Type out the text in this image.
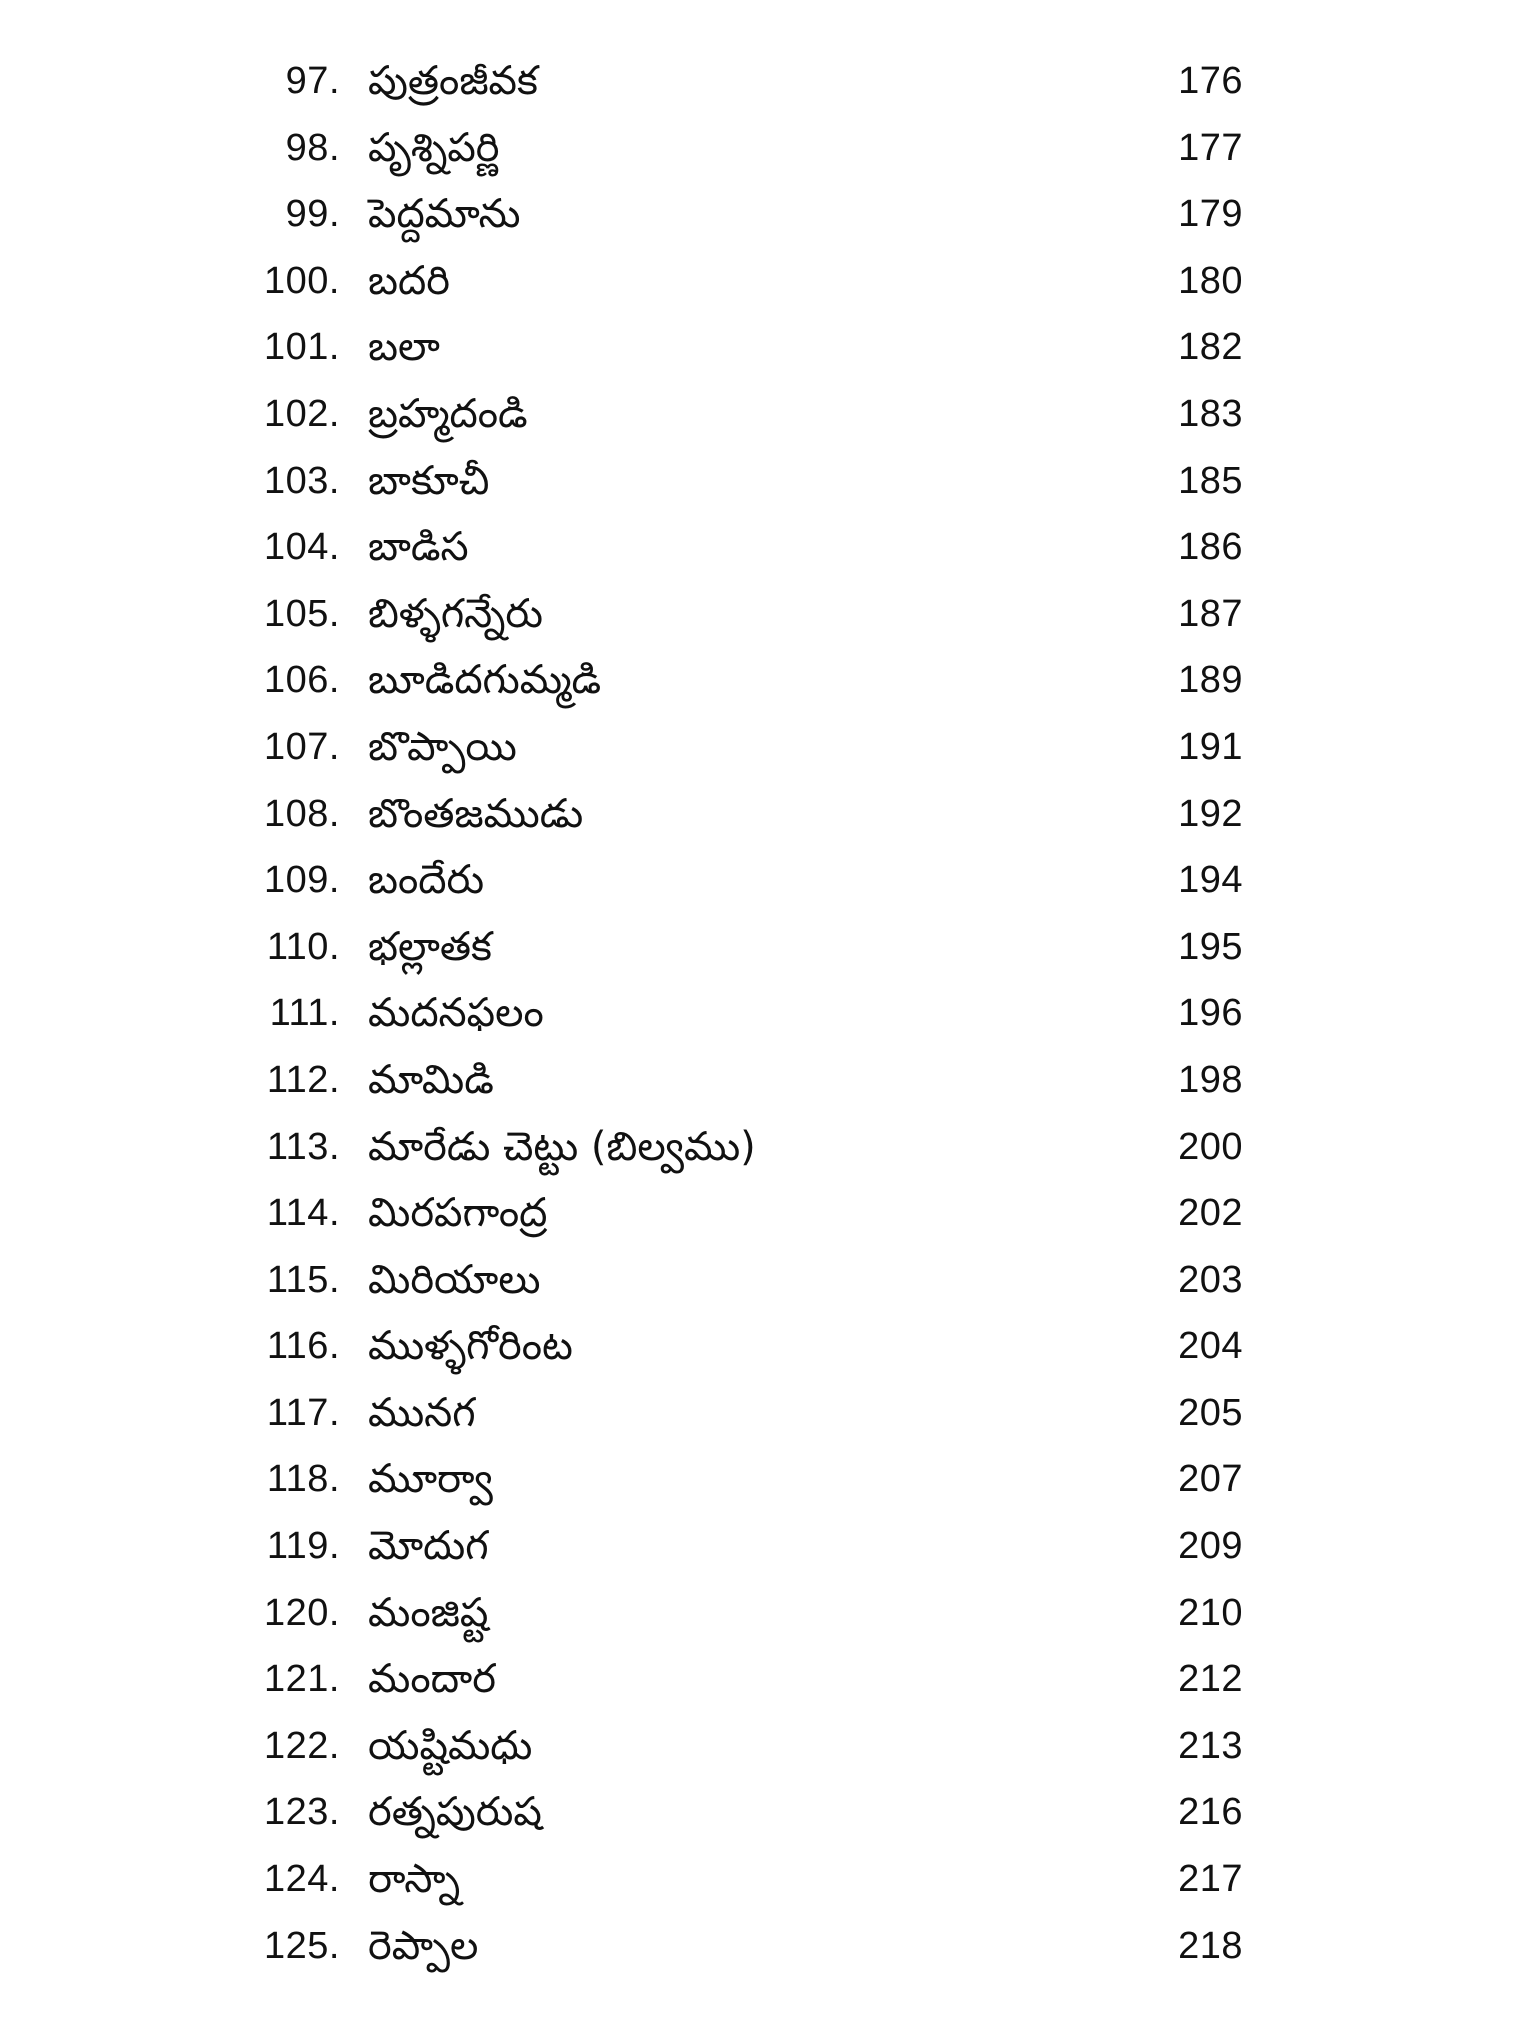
97. పుత్రంజీవక	176
98. పృశ్నిపర్ణి	177
99. పెద్దమాను	179
100. బదరి	180
101. బలా	182
102. బ్రహ్మదండి	183
103. బాకూచీ	185
104. బాడిస	186
105. బిళ్ళగన్నేరు	187
106. బూడిదగుమ్మడి	189
107. బొప్పాయి	191
108. బొంతజముడు	192
109. బందేరు	194
110. భల్లాతక	195
111. మదనఫలం	196
112. మామిడి	198
113. మారేడు చెట్టు (బిల్వము)	200
114. మిరపగాంద్ర	202
115. మిరియాలు	203
116. ముళ్ళగోరింట	204
117. మునగ	205
118. మూర్వా	207
119. మోదుగ	209
120. మంజిష్ట	210
121. మందార	212
122. యష్టిమధు	213
123. రత్నపురుష	216
124. రాస్నా	217
125. రెప్పాల	218
